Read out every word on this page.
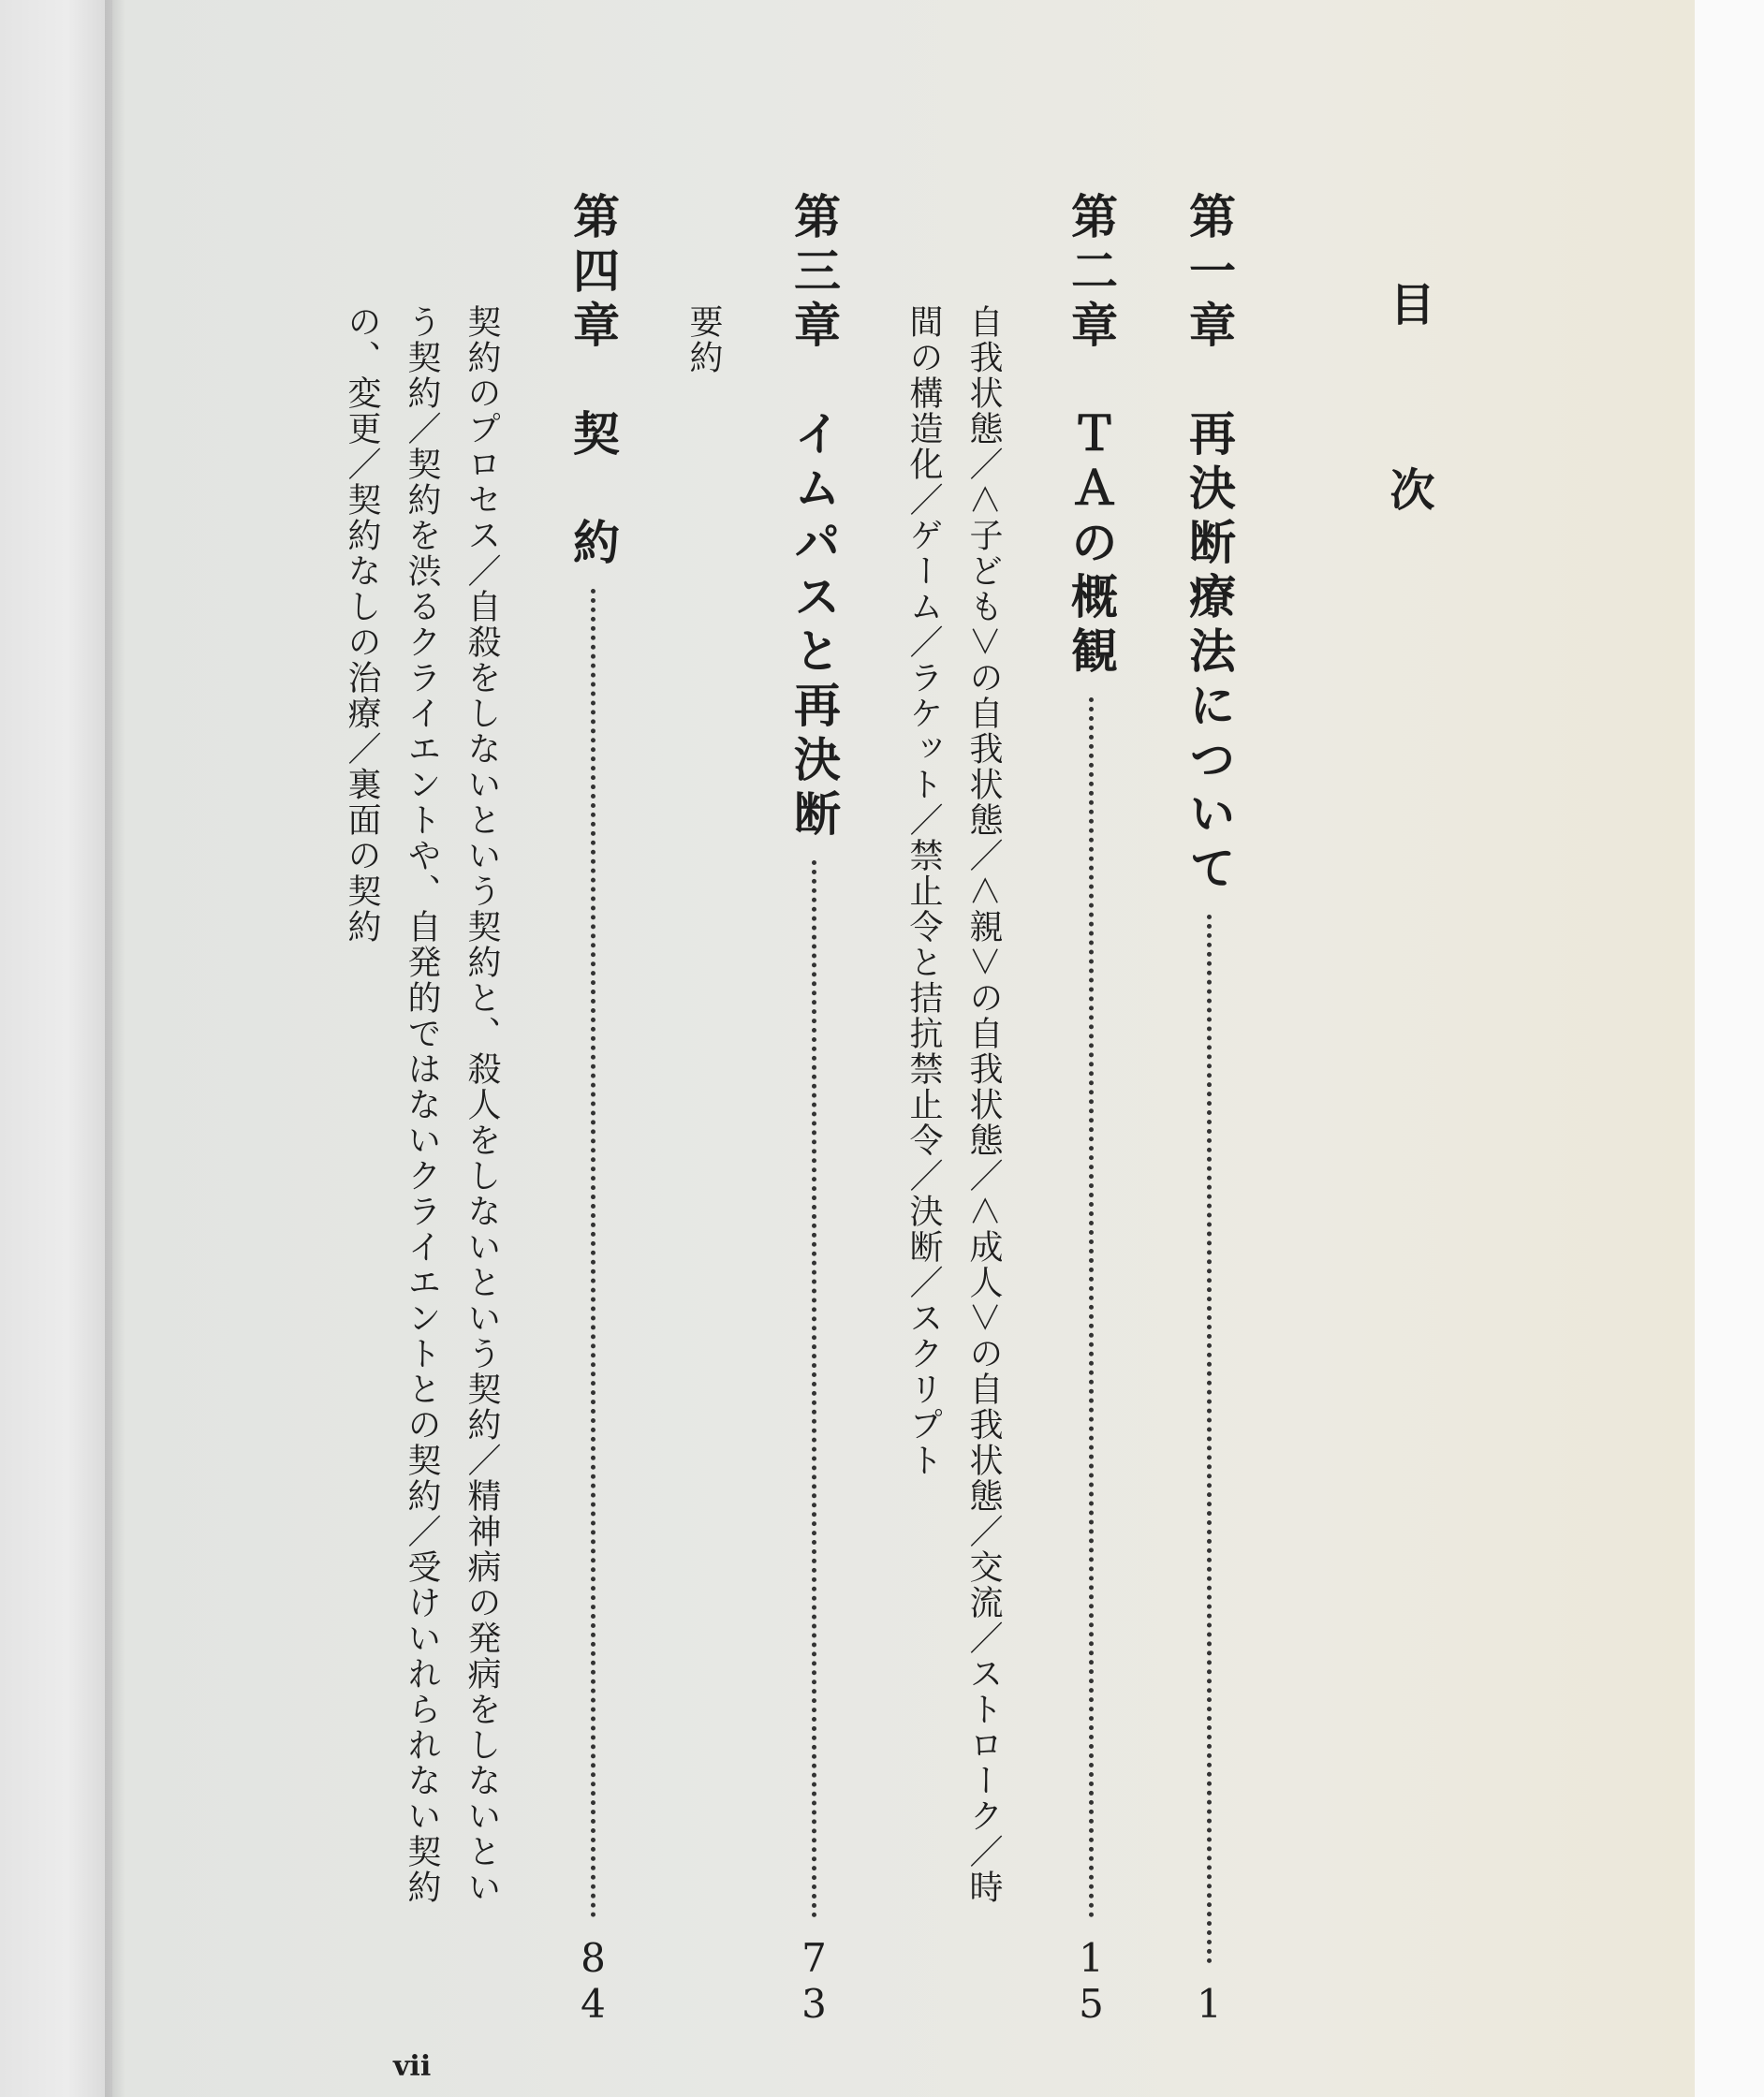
目次
第一章　再決断療法について
1
第二章　ＴＡの概観
15
自我状態／＜子ども＞の自我状態／＜親＞の自我状態／＜成人＞の自我状態／交流／ストローク／時
間の構造化／ゲーム／ラケット／禁止令と拮抗禁止令／決断／スクリプト
第三章　イムパスと再決断
73
要約
第四章　契　約
84
契約のプロセス／自殺をしないという契約と、殺人をしないという契約／精神病の発病をしないとい
う契約／契約を渋るクライエントや、自発的ではないクライエントとの契約／受けいれられない契約
の、変更／契約なしの治療／裏面の契約
vii
